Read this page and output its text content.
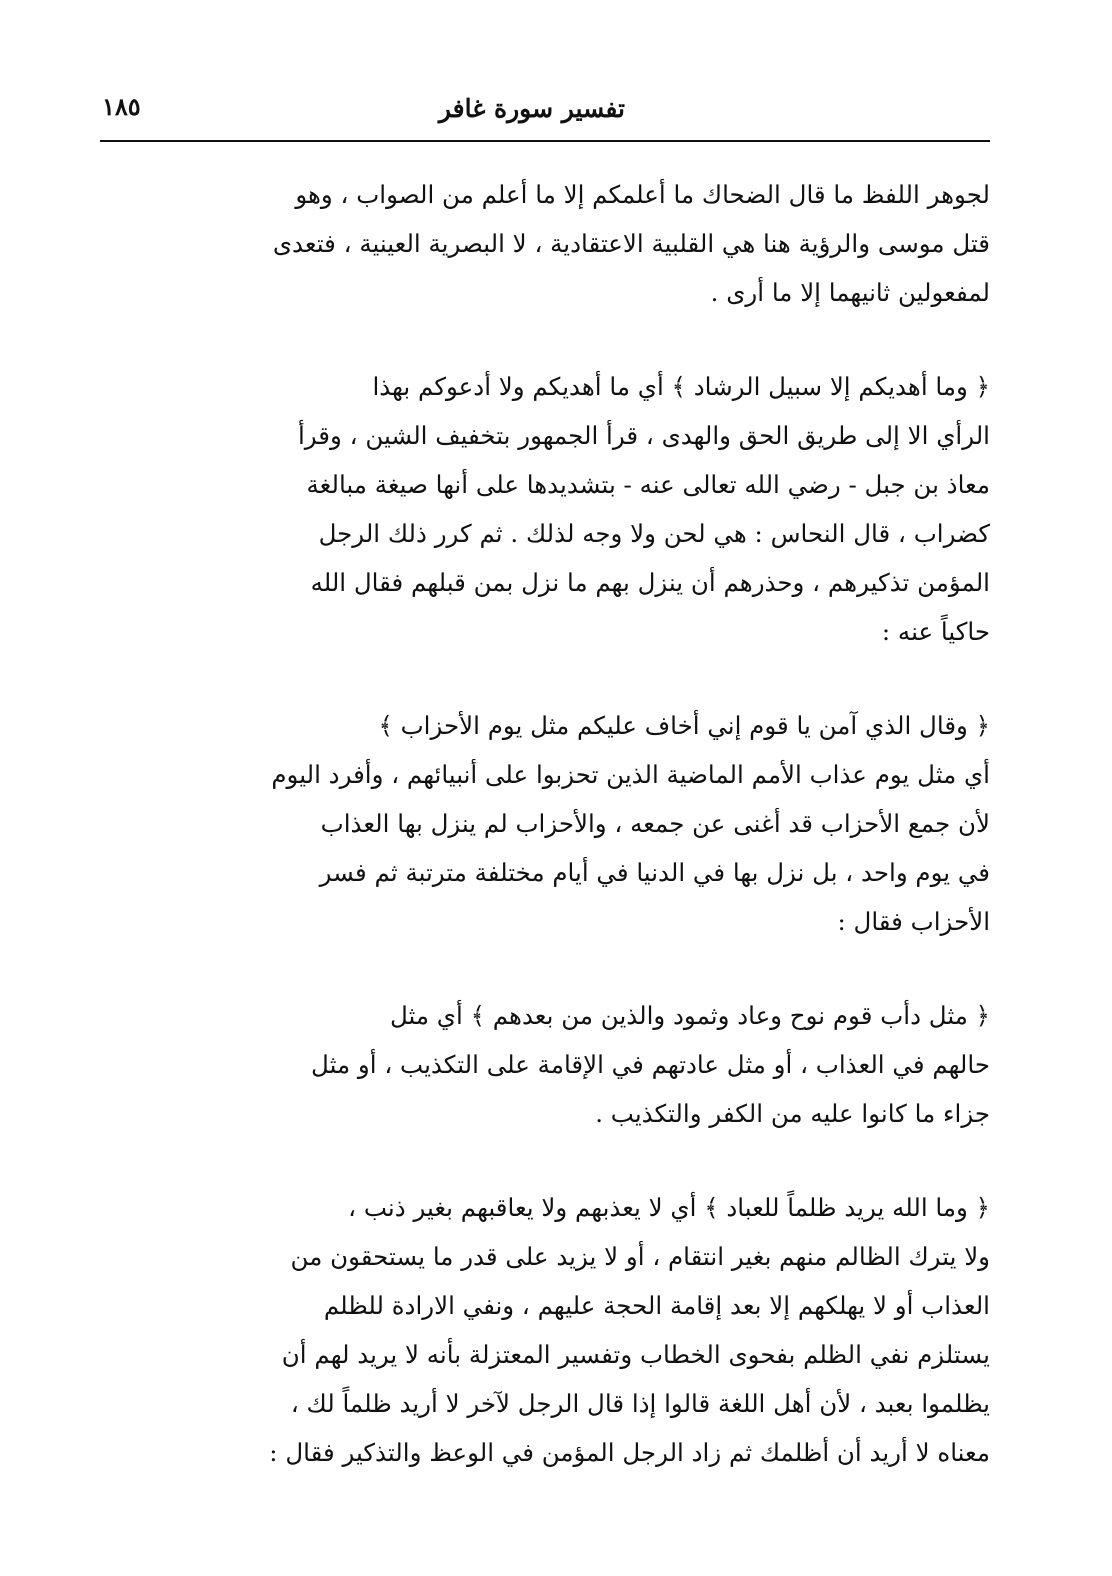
تفسير سورة غافر
١٨٥

لجوهر اللفظ ما قال الضحاك ما أعلمكم إلا ما أعلم من الصواب ، وهو
قتل موسى والرؤية هنا هي القلبية الاعتقادية ، لا البصرية العينية ، فتعدى
لمفعولين ثانيهما إلا ما أرى .

﴿ وما أهديكم إلا سبيل الرشاد ﴾ أي ما أهديكم ولا أدعوكم بهذا
الرأي الا إلى طريق الحق والهدى ، قرأ الجمهور بتخفيف الشين ، وقرأ
معاذ بن جبل - رضي الله تعالى عنه - بتشديدها على أنها صيغة مبالغة
كضراب ، قال النحاس : هي لحن ولا وجه لذلك . ثم كرر ذلك الرجل
المؤمن تذكيرهم ، وحذرهم أن ينزل بهم ما نزل بمن قبلهم فقال الله
حاكياً عنه :

﴿ وقال الذي آمن يا قوم إني أخاف عليكم مثل يوم الأحزاب ﴾
أي مثل يوم عذاب الأمم الماضية الذين تحزبوا على أنبيائهم ، وأفرد اليوم
لأن جمع الأحزاب قد أغنى عن جمعه ، والأحزاب لم ينزل بها العذاب
في يوم واحد ، بل نزل بها في الدنيا في أيام مختلفة مترتبة ثم فسر
الأحزاب فقال :

﴿ مثل دأب قوم نوح وعاد وثمود والذين من بعدهم ﴾ أي مثل
حالهم في العذاب ، أو مثل عادتهم في الإقامة على التكذيب ، أو مثل
جزاء ما كانوا عليه من الكفر والتكذيب .

﴿ وما الله يريد ظلماً للعباد ﴾ أي لا يعذبهم ولا يعاقبهم بغير ذنب ،
ولا يترك الظالم منهم بغير انتقام ، أو لا يزيد على قدر ما يستحقون من
العذاب أو لا يهلكهم إلا بعد إقامة الحجة عليهم ، ونفي الارادة للظلم
يستلزم نفي الظلم بفحوى الخطاب وتفسير المعتزلة بأنه لا يريد لهم أن
يظلموا بعبد ، لأن أهل اللغة قالوا إذا قال الرجل لآخر لا أريد ظلماً لك ،
معناه لا أريد أن أظلمك ثم زاد الرجل المؤمن في الوعظ والتذكير فقال :
